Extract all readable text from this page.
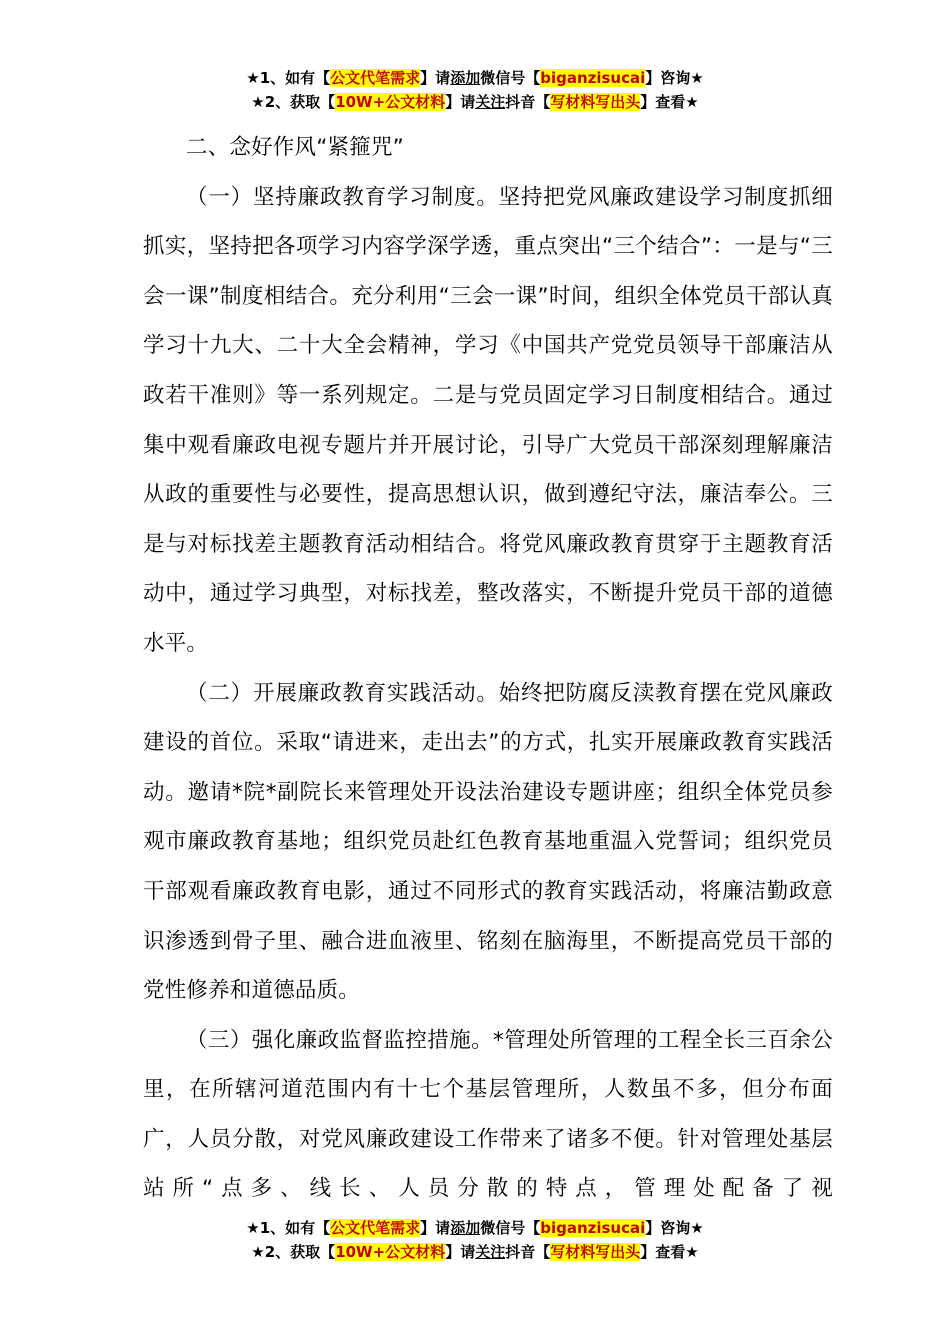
★1、如有【公文代笔需求】请添加微信号【biganzisucai】咨询★
★2、获取【10W+公文材料】请关注抖音【写材料写出头】查看★

二、念好作风“紧箍咒”

（一）坚持廉政教育学习制度。坚持把党风廉政建设学习制度抓细抓实，坚持把各项学习内容学深学透，重点突出“三个结合”：一是与“三会一课”制度相结合。充分利用“三会一课”时间，组织全体党员干部认真学习十九大、二十大全会精神，学习《中国共产党党员领导干部廉洁从政若干准则》等一系列规定。二是与党员固定学习日制度相结合。通过集中观看廉政电视专题片并开展讨论，引导广大党员干部深刻理解廉洁从政的重要性与必要性，提高思想认识，做到遵纪守法，廉洁奉公。三是与对标找差主题教育活动相结合。将党风廉政教育贯穿于主题教育活动中，通过学习典型，对标找差，整改落实，不断提升党员干部的道德水平。

（二）开展廉政教育实践活动。始终把防腐反渎教育摆在党风廉政建设的首位。采取“请进来，走出去”的方式，扎实开展廉政教育实践活动。邀请*院*副院长来管理处开设法治建设专题讲座；组织全体党员参观市廉政教育基地；组织党员赴红色教育基地重温入党誓词；组织党员干部观看廉政教育电影，通过不同形式的教育实践活动，将廉洁勤政意识渗透到骨子里、融合进血液里、铭刻在脑海里，不断提高党员干部的党性修养和道德品质。

（三）强化廉政监督监控措施。*管理处所管理的工程全长三百余公里，在所辖河道范围内有十七个基层管理所，人数虽不多，但分布面广，人员分散，对党风廉政建设工作带来了诸多不便。针对管理处基层站所“点多、线长、人员分散的特点，管理处配备了视

★1、如有【公文代笔需求】请添加微信号【biganzisucai】咨询★
★2、获取【10W+公文材料】请关注抖音【写材料写出头】查看★
